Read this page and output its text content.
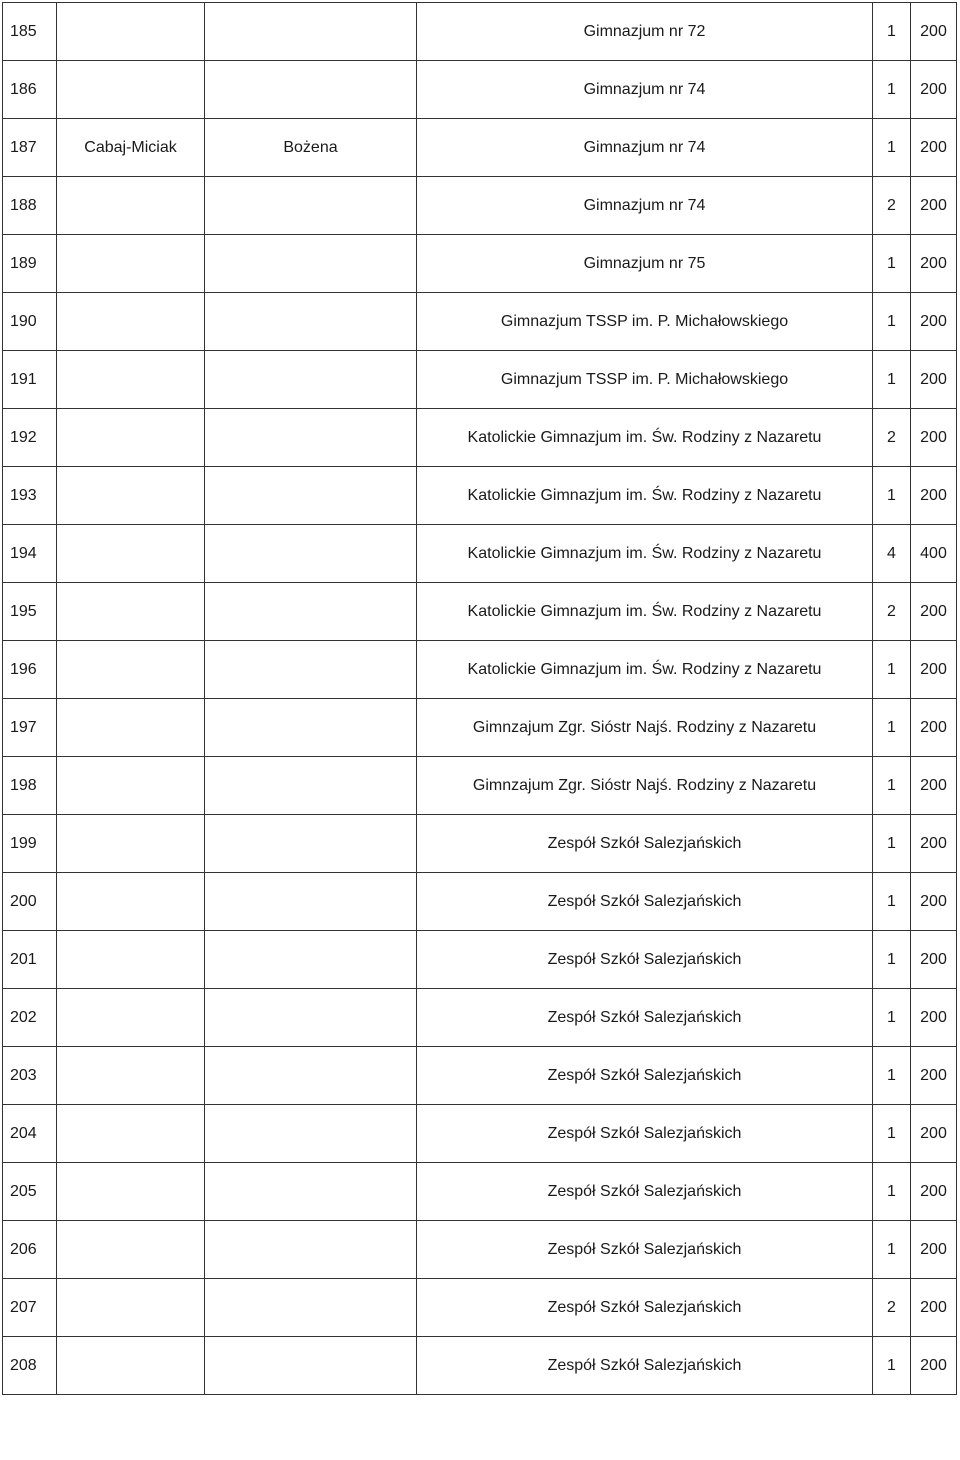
185			Gimnazjum nr 72	1	200
186			Gimnazjum nr 74	1	200
187	Cabaj-Miciak	Bożena	Gimnazjum nr 74	1	200
188			Gimnazjum nr 74	2	200
189			Gimnazjum nr 75	1	200
190			Gimnazjum TSSP im. P. Michałowskiego	1	200
191			Gimnazjum TSSP im. P. Michałowskiego	1	200
192			Katolickie Gimnazjum im. Św. Rodziny z Nazaretu	2	200
193			Katolickie Gimnazjum im. Św. Rodziny z Nazaretu	1	200
194			Katolickie Gimnazjum im. Św. Rodziny z Nazaretu	4	400
195			Katolickie Gimnazjum im. Św. Rodziny z Nazaretu	2	200
196			Katolickie Gimnazjum im. Św. Rodziny z Nazaretu	1	200
197			Gimnzajum Zgr. Sióstr Najś. Rodziny z Nazaretu	1	200
198			Gimnzajum Zgr. Sióstr Najś. Rodziny z Nazaretu	1	200
199			Zespół Szkół Salezjańskich	1	200
200			Zespół Szkół Salezjańskich	1	200
201			Zespół Szkół Salezjańskich	1	200
202			Zespół Szkół Salezjańskich	1	200
203			Zespół Szkół Salezjańskich	1	200
204			Zespół Szkół Salezjańskich	1	200
205			Zespół Szkół Salezjańskich	1	200
206			Zespół Szkół Salezjańskich	1	200
207			Zespół Szkół Salezjańskich	2	200
208			Zespół Szkół Salezjańskich	1	200
